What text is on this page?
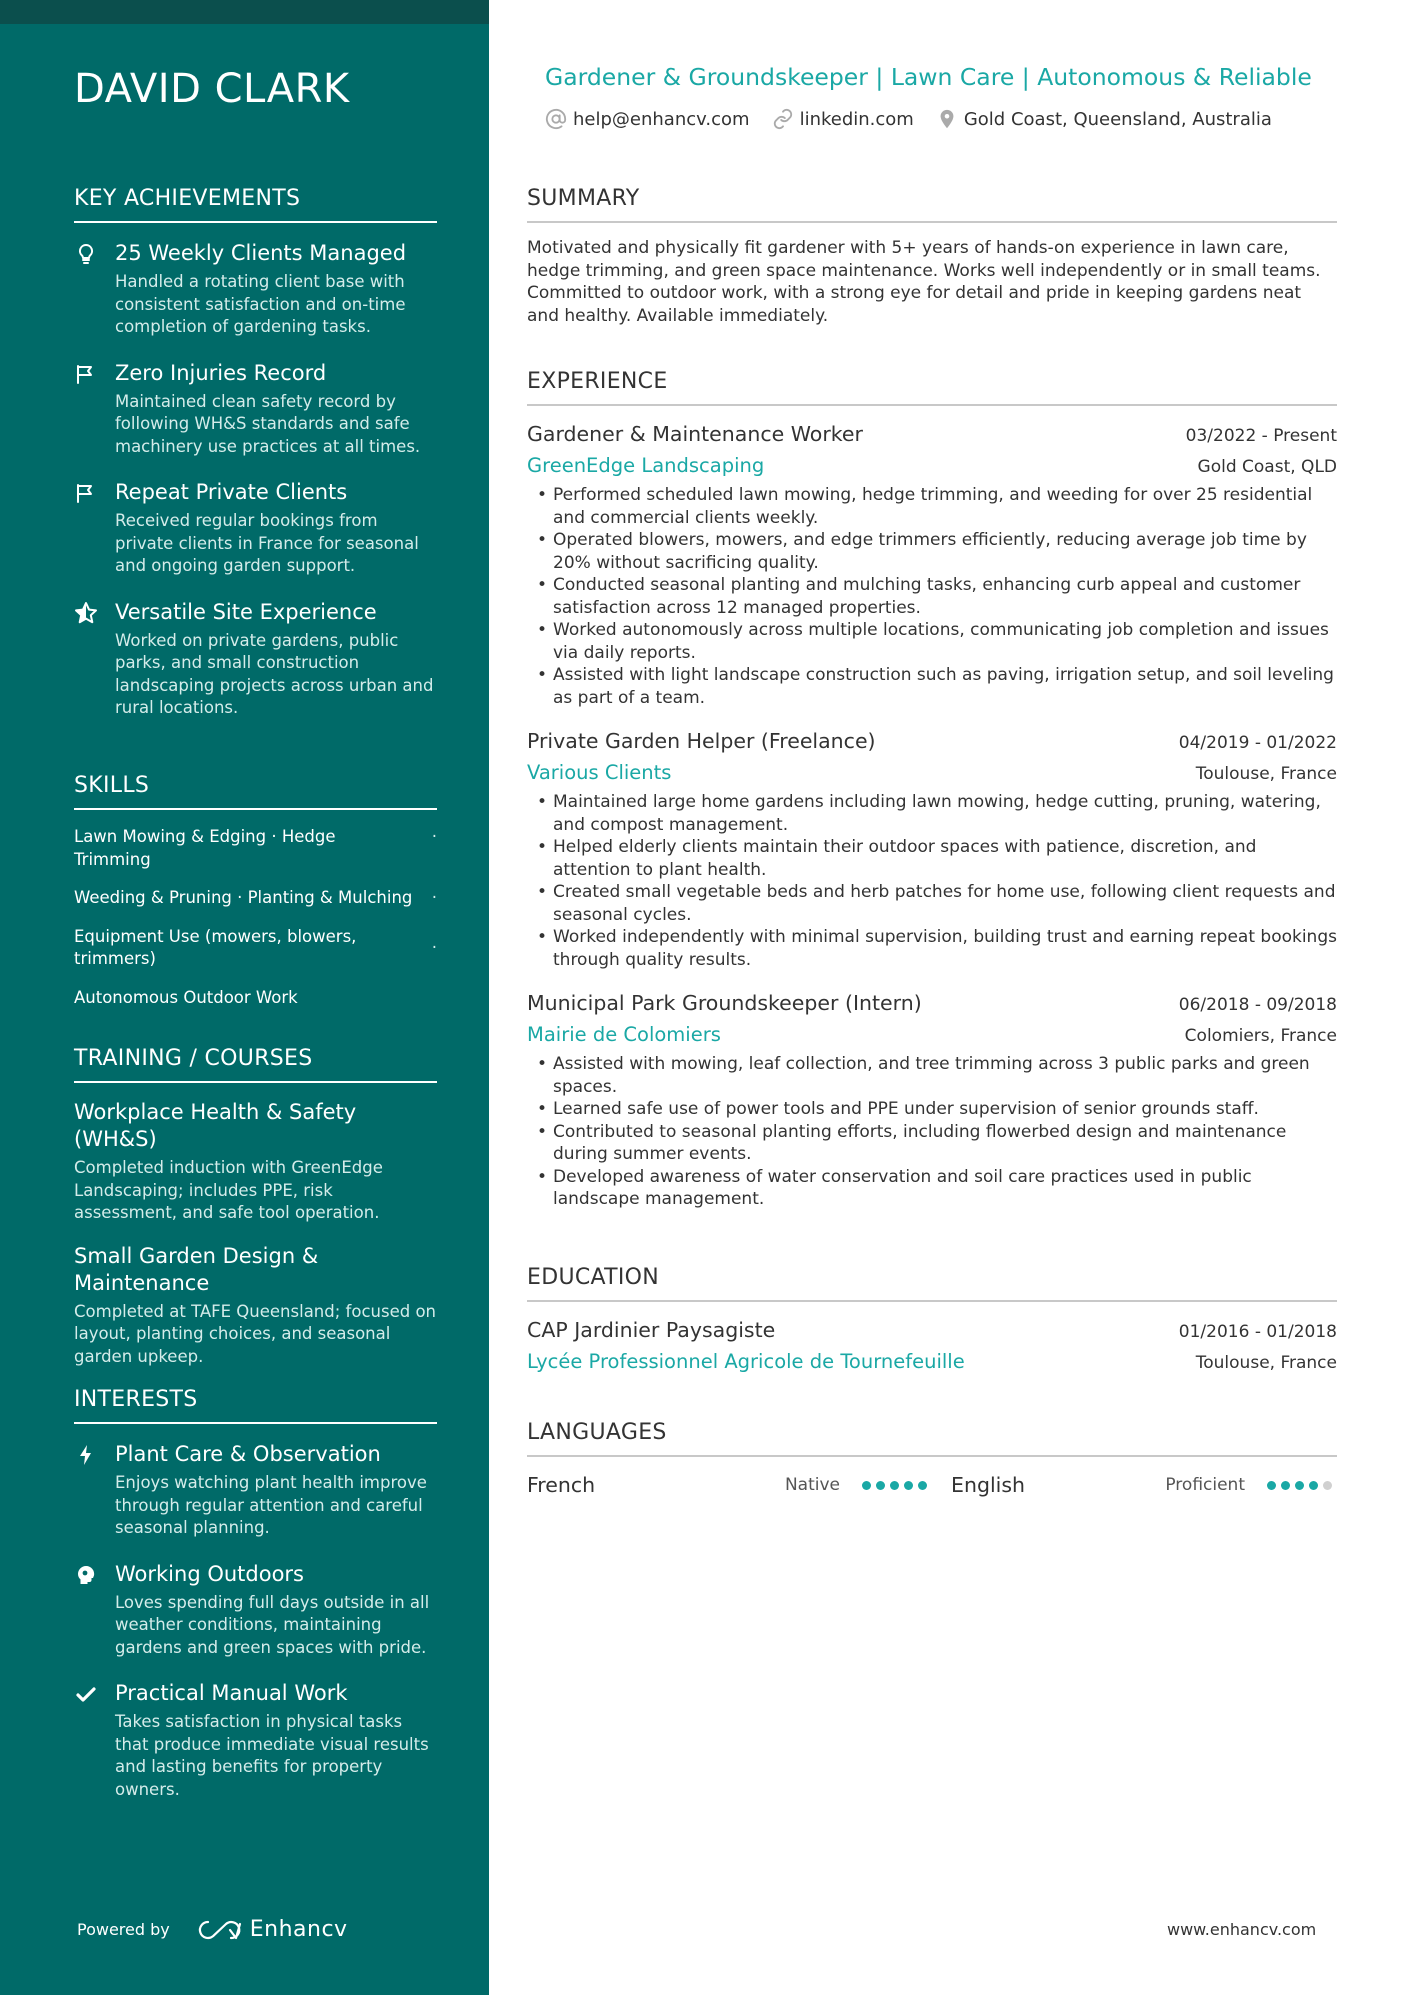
DAVID CLARK
KEY ACHIEVEMENTS
25 Weekly Clients Managed
Handled a rotating client base with consistent satisfaction and on-time completion of gardening tasks.
Zero Injuries Record
Maintained clean safety record by following WH&S standards and safe machinery use practices at all times.
Repeat Private Clients
Received regular bookings from private clients in France for seasonal and ongoing garden support.
Versatile Site Experience
Worked on private gardens, public parks, and small construction landscaping projects across urban and rural locations.
SKILLS
Lawn Mowing & Edging · Hedge Trimming
·
Weeding & Pruning · Planting & Mulching ·
Equipment Use (mowers, blowers, trimmers)
·
Autonomous Outdoor Work
TRAINING / COURSES
Workplace Health & Safety (WH&S)
Completed induction with GreenEdge Landscaping; includes PPE, risk assessment, and safe tool operation.
Small Garden Design & Maintenance
Completed at TAFE Queensland; focused on layout, planting choices, and seasonal garden upkeep.
INTERESTS
Plant Care & Observation
Enjoys watching plant health improve through regular attention and careful seasonal planning.
Working Outdoors
Loves spending full days outside in all weather conditions, maintaining gardens and green spaces with pride.
Practical Manual Work
Takes satisfaction in physical tasks that produce immediate visual results and lasting benefits for property owners.
Powered by	Enhancv
Gardener & Groundskeeper | Lawn Care | Autonomous & Reliable
help@enhancv.com	linkedin.com	Gold Coast, Queensland, Australia
SUMMARY
Motivated and physically fit gardener with 5+ years of hands-on experience in lawn care, hedge trimming, and green space maintenance. Works well independently or in small teams. Committed to outdoor work, with a strong eye for detail and pride in keeping gardens neat and healthy. Available immediately.
EXPERIENCE
Gardener & Maintenance Worker	03/2022 - Present
GreenEdge Landscaping	Gold Coast, QLD
• Performed scheduled lawn mowing, hedge trimming, and weeding for over 25 residential and commercial clients weekly.
• Operated blowers, mowers, and edge trimmers efficiently, reducing average job time by 20% without sacrificing quality.
• Conducted seasonal planting and mulching tasks, enhancing curb appeal and customer satisfaction across 12 managed properties.
• Worked autonomously across multiple locations, communicating job completion and issues via daily reports.
• Assisted with light landscape construction such as paving, irrigation setup, and soil leveling as part of a team.
Private Garden Helper (Freelance)	04/2019 - 01/2022
Various Clients	Toulouse, France
• Maintained large home gardens including lawn mowing, hedge cutting, pruning, watering, and compost management.
• Helped elderly clients maintain their outdoor spaces with patience, discretion, and attention to plant health.
• Created small vegetable beds and herb patches for home use, following client requests and seasonal cycles.
• Worked independently with minimal supervision, building trust and earning repeat bookings through quality results.
Municipal Park Groundskeeper (Intern)	06/2018 - 09/2018
Mairie de Colomiers	Colomiers, France
• Assisted with mowing, leaf collection, and tree trimming across 3 public parks and green spaces.
• Learned safe use of power tools and PPE under supervision of senior grounds staff.
• Contributed to seasonal planting efforts, including flowerbed design and maintenance during summer events.
• Developed awareness of water conservation and soil care practices used in public landscape management.
EDUCATION
CAP Jardinier Paysagiste	01/2016 - 01/2018
Lycée Professionnel Agricole de Tournefeuille	Toulouse, France
LANGUAGES
French	Native	English	Proficient
www.enhancv.com
